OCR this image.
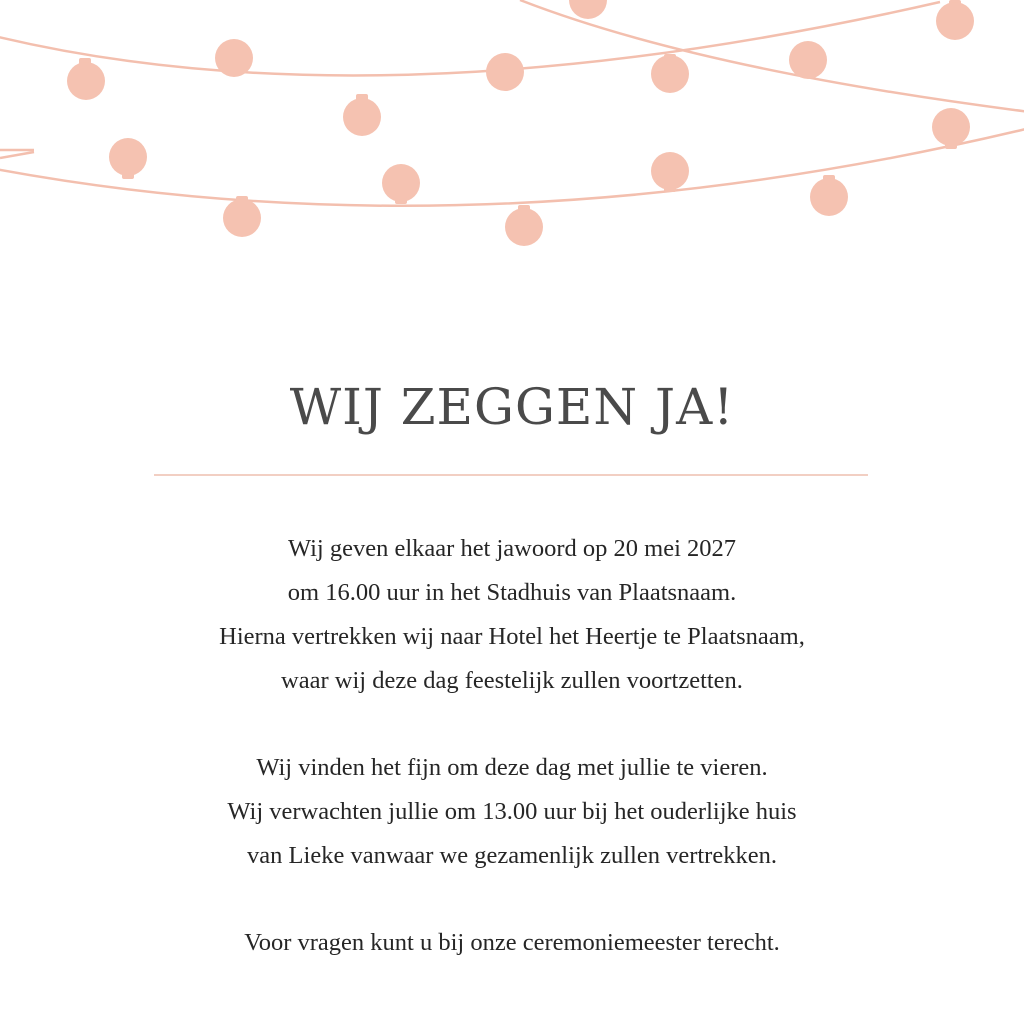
WIJ ZEGGEN JA!
Wij geven elkaar het jawoord op 20 mei 2027
om 16.00 uur in het Stadhuis van Plaatsnaam.
Hierna vertrekken wij naar Hotel het Heertje te Plaatsnaam,
waar wij deze dag feestelijk zullen voortzetten.
Wij vinden het fijn om deze dag met jullie te vieren.
Wij verwachten jullie om 13.00 uur bij het ouderlijke huis
van Lieke vanwaar we gezamenlijk zullen vertrekken.
Voor vragen kunt u bij onze ceremoniemeester terecht.
